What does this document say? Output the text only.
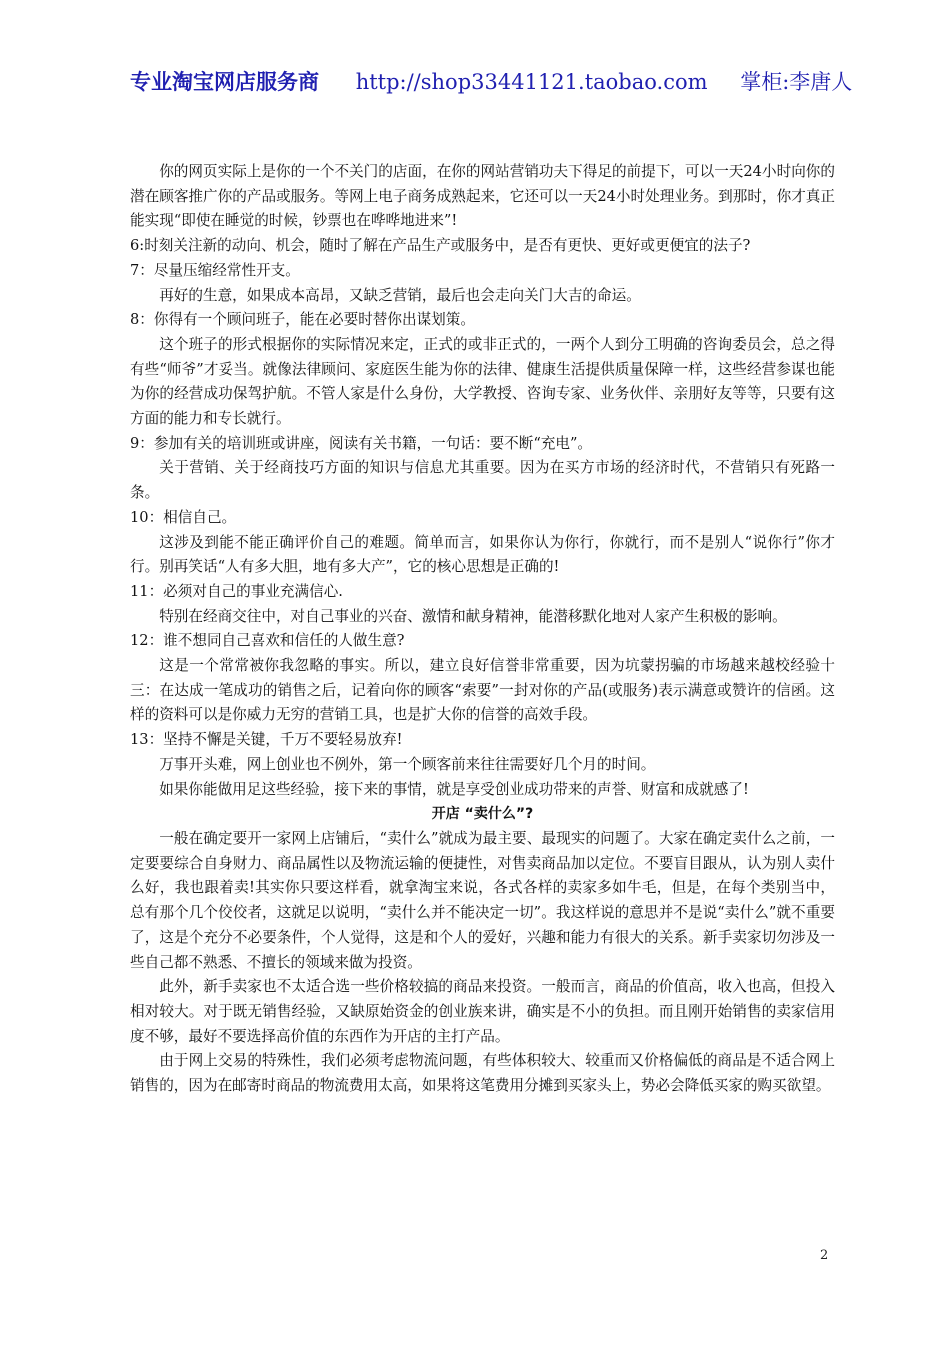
专业淘宝网店服务商 http://shop33441121.taobao.com 掌柜:李唐人

你的网页实际上是你的一个不关门的店面，在你的网站营销功夫下得足的前提下，可以一天24小时向你的潜在顾客推广你的产品或服务。等网上电子商务成熟起来，它还可以一天24小时处理业务。到那时，你才真正能实现“即使在睡觉的时候，钞票也在哗哗地进来”!

6:时刻关注新的动向、机会，随时了解在产品生产或服务中，是否有更快、更好或更便宜的法子?

7：尽量压缩经常性开支。

再好的生意，如果成本高昂，又缺乏营销，最后也会走向关门大吉的命运。

8：你得有一个顾问班子，能在必要时替你出谋划策。

这个班子的形式根据你的实际情况来定，正式的或非正式的，一两个人到分工明确的咨询委员会，总之得有些“师爷”才妥当。就像法律顾问、家庭医生能为你的法律、健康生活提供质量保障一样，这些经营参谋也能为你的经营成功保驾护航。不管人家是什么身份，大学教授、咨询专家、业务伙伴、亲朋好友等等，只要有这方面的能力和专长就行。

9：参加有关的培训班或讲座，阅读有关书籍，一句话：要不断“充电”。

关于营销、关于经商技巧方面的知识与信息尤其重要。因为在买方市场的经济时代，不营销只有死路一条。

10：相信自己。

这涉及到能不能正确评价自己的难题。简单而言，如果你认为你行，你就行，而不是别人“说你行”你才行。别再笑话“人有多大胆，地有多大产”，它的核心思想是正确的!

11：必须对自己的事业充满信心.

特别在经商交往中，对自己事业的兴奋、激情和献身精神，能潜移默化地对人家产生积极的影响。

12：谁不想同自己喜欢和信任的人做生意?

这是一个常常被你我忽略的事实。所以，建立良好信誉非常重要，因为坑蒙拐骗的市场越来越校经验十三：在达成一笔成功的销售之后，记着向你的顾客“索要”一封对你的产品(或服务)表示满意或赞许的信函。这样的资料可以是你威力无穷的营销工具，也是扩大你的信誉的高效手段。

13：坚持不懈是关键，千万不要轻易放弃!

万事开头难，网上创业也不例外，第一个顾客前来往往需要好几个月的时间。

如果你能做用足这些经验，接下来的事情，就是享受创业成功带来的声誉、财富和成就感了!

开店 “卖什么”?

一般在确定要开一家网上店铺后，“卖什么”就成为最主要、最现实的问题了。大家在确定卖什么之前，一定要要综合自身财力、商品属性以及物流运输的便捷性，对售卖商品加以定位。不要盲目跟从，认为别人卖什么好，我也跟着卖!其实你只要这样看，就拿淘宝来说，各式各样的卖家多如牛毛，但是，在每个类别当中，总有那个几个佼佼者，这就足以说明，“卖什么并不能决定一切”。我这样说的意思并不是说“卖什么”就不重要了，这是个充分不必要条件，个人觉得，这是和个人的爱好，兴趣和能力有很大的关系。新手卖家切勿涉及一些自己都不熟悉、不擅长的领域来做为投资。

此外，新手卖家也不太适合选一些价格较搞的商品来投资。一般而言，商品的价值高，收入也高，但投入相对较大。对于既无销售经验，又缺原始资金的创业族来讲，确实是不小的负担。而且刚开始销售的卖家信用度不够，最好不要选择高价值的东西作为开店的主打产品。

由于网上交易的特殊性，我们必须考虑物流问题，有些体积较大、较重而又价格偏低的商品是不适合网上销售的，因为在邮寄时商品的物流费用太高，如果将这笔费用分摊到买家头上，势必会降低买家的购买欲望。

2
